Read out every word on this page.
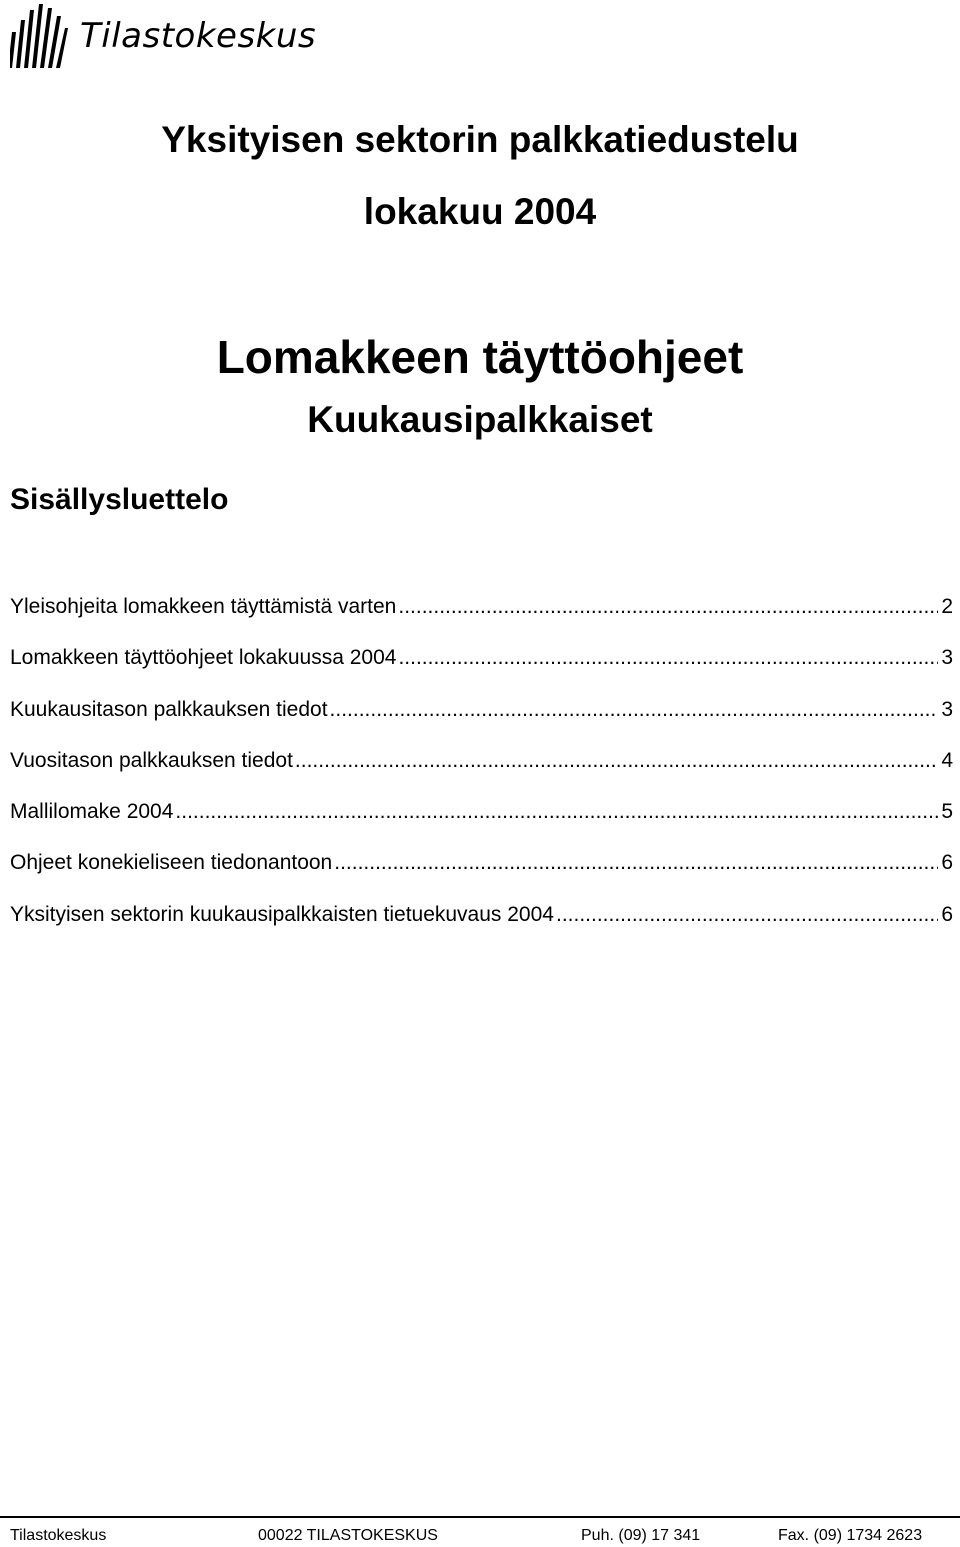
Tilastokeskus
Yksityisen sektorin palkkatiedustelu
lokakuu 2004
Lomakkeen täyttöohjeet
Kuukausipalkkaiset
Sisällysluettelo
Yleisohjeita lomakkeen täyttämistä varten .....	2
Lomakkeen täyttöohjeet lokakuussa 2004 .....	3
Kuukausitason palkkauksen tiedot .....	3
Vuositason palkkauksen tiedot .....	4
Mallilomake 2004 .....	5
Ohjeet konekieliseen tiedonantoon .....	6
Yksityisen sektorin kuukausipalkkaisten tietuekuvaus 2004 .....	6
Tilastokeskus	00022 TILASTOKESKUS	Puh. (09) 17 341	Fax. (09) 1734 2623
